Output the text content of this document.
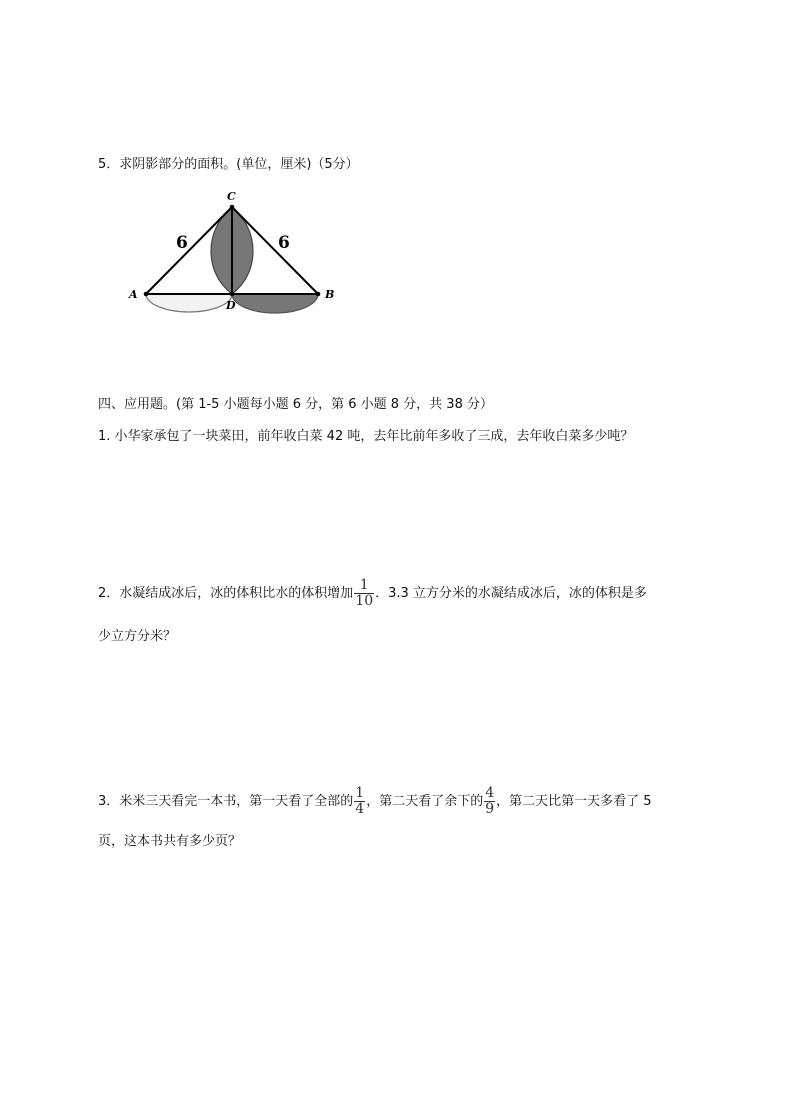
5．求阴影部分的面积。(单位，厘米)（5分）
C
A
D
B
6	6
四、应用题。(第 1-5 小题每小题 6 分，第 6 小题 8 分，共 38 分）
1. 小华家承包了一块菜田，前年收白菜 42 吨，去年比前年多收了三成，去年收白菜多少吨？
2．水凝结成冰后，冰的体积比水的体积增加 $\frac{1}{10}$ ．3.3 立方分米的水凝结成冰后，冰的体积是多
少立方分米？
3．米米三天看完一本书，第一天看了全部的 $\frac{1}{4}$ ，第二天看了余下的 $\frac{4}{9}$ ，第二天比第一天多看了 5
页，这本书共有多少页？
